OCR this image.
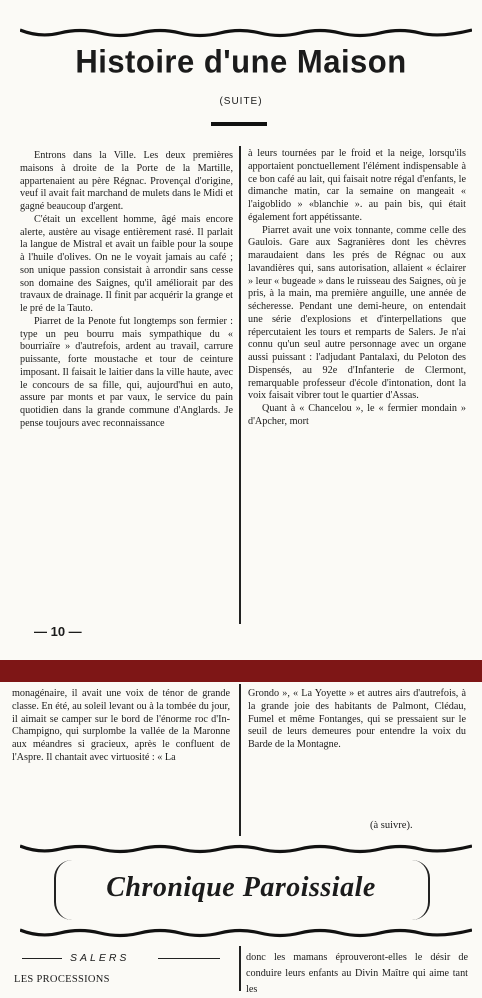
Histoire d'une Maison
(SUITE)

Entrons dans la Ville. Les deux premières maisons à droite de la Porte de la Martille, appartenaient au père Régnac. Provençal d'origine, veuf il avait fait marchand de mulets dans le Midi et gagné beaucoup d'argent.

C'était un excellent homme, âgé mais encore alerte, austère au visage entièrement rasé. Il parlait la langue de Mistral et avait un faible pour la soupe à l'huile d'olives. On ne le voyait jamais au café ; son unique passion consistait à arrondir sans cesse son domaine des Saignes, qu'il améliorait par des travaux de drainage. Il finit par acquérir la grange et le pré de la Tauto.

Piarret de la Penote fut longtemps son fermier : type un peu bourru mais sympathique du « bourriaïre » d'autrefois, ardent au travail, carrure puissante, forte moustache et tour de ceinture imposant. Il faisait le laitier dans la ville haute, avec le concours de sa fille, qui, aujourd'hui en auto, assure par monts et par vaux, le service du pain quotidien dans la grande commune d'Anglards. Je pense toujours avec reconnaissance

à leurs tournées par le froid et la neige, lorsqu'ils apportaient ponctuellement l'élément indispensable à ce bon café au lait, qui faisait notre régal d'enfants, le dimanche matin, car la semaine on mangeait « l'aigoblido » «blanchie ». au pain bis, qui était également fort appétissante.

Piarret avait une voix tonnante, comme celle des Gaulois. Gare aux Sagranières dont les chèvres maraudaient dans les prés de Régnac ou aux lavandières qui, sans autorisation, allaient « éclairer » leur « bugeade » dans le ruisseau des Saignes, où je pris, à la main, ma première anguille, une année de sécheresse. Pendant une demi-heure, on entendait une série d'explosions et d'interpellations que répercutaient les tours et remparts de Salers. Je n'ai connu qu'un seul autre personnage avec un organe aussi puissant : l'adjudant Pantalaxi, du Peloton des Dispensés, au 92e d'Infanterie de Clermont, remarquable professeur d'école d'intonation, dont la voix faisait vibrer tout le quartier d'Assas.

Quant à « Chancelou », le « fermier mondain » d'Apcher, mort

— 10 —

monagénaire, il avait une voix de ténor de grande classe. En été, au soleil levant ou à la tombée du jour, il aimait se camper sur le bord de l'énorme roc d'In-Champigno, qui surplombe la vallée de la Maronne aux méandres si gracieux, après le confluent de l'Aspre. Il chantait avec virtuosité : « La

Grondo », « La Yoyette » et autres airs d'autrefois, à la grande joie des habitants de Palmont, Clédau, Fumel et même Fontanges, qui se pressaient sur le seuil de leurs demeures pour entendre la voix du Barde de la Montagne.

(à suivre).
Chronique Paroissiale
SALERS
LES PROCESSIONS
donc les mamans éprouveront-elles le désir de conduire leurs enfants au Divin Maître qui aime tant les
